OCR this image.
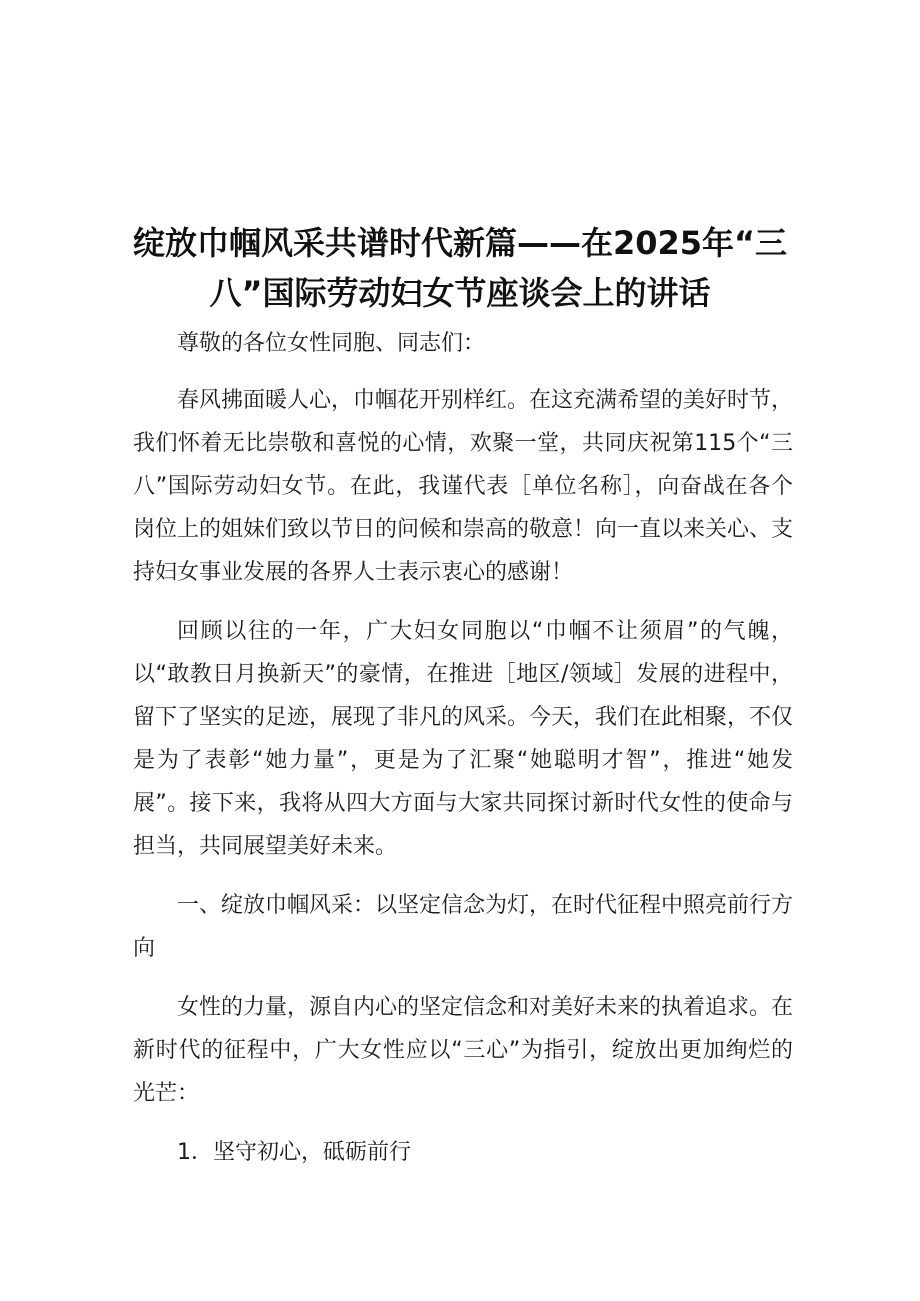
绽放巾帼风采共谱时代新篇——在2025年“三八”国际劳动妇女节座谈会上的讲话

尊敬的各位女性同胞、同志们：

春风拂面暖人心，巾帼花开别样红。在这充满希望的美好时节，我们怀着无比崇敬和喜悦的心情，欢聚一堂，共同庆祝第115个“三八”国际劳动妇女节。在此，我谨代表［单位名称］，向奋战在各个岗位上的姐妹们致以节日的问候和崇高的敬意！向一直以来关心、支持妇女事业发展的各界人士表示衷心的感谢！

回顾以往的一年，广大妇女同胞以“巾帼不让须眉”的气魄，以“敢教日月换新天”的豪情，在推进［地区/领域］发展的进程中，留下了坚实的足迹，展现了非凡的风采。今天，我们在此相聚，不仅是为了表彰“她力量”，更是为了汇聚“她聪明才智”，推进“她发展”。接下来，我将从四大方面与大家共同探讨新时代女性的使命与担当，共同展望美好未来。

一、绽放巾帼风采：以坚定信念为灯，在时代征程中照亮前行方向

女性的力量，源自内心的坚定信念和对美好未来的执着追求。在新时代的征程中，广大女性应以“三心”为指引，绽放出更加绚烂的光芒：

1．坚守初心，砥砺前行
